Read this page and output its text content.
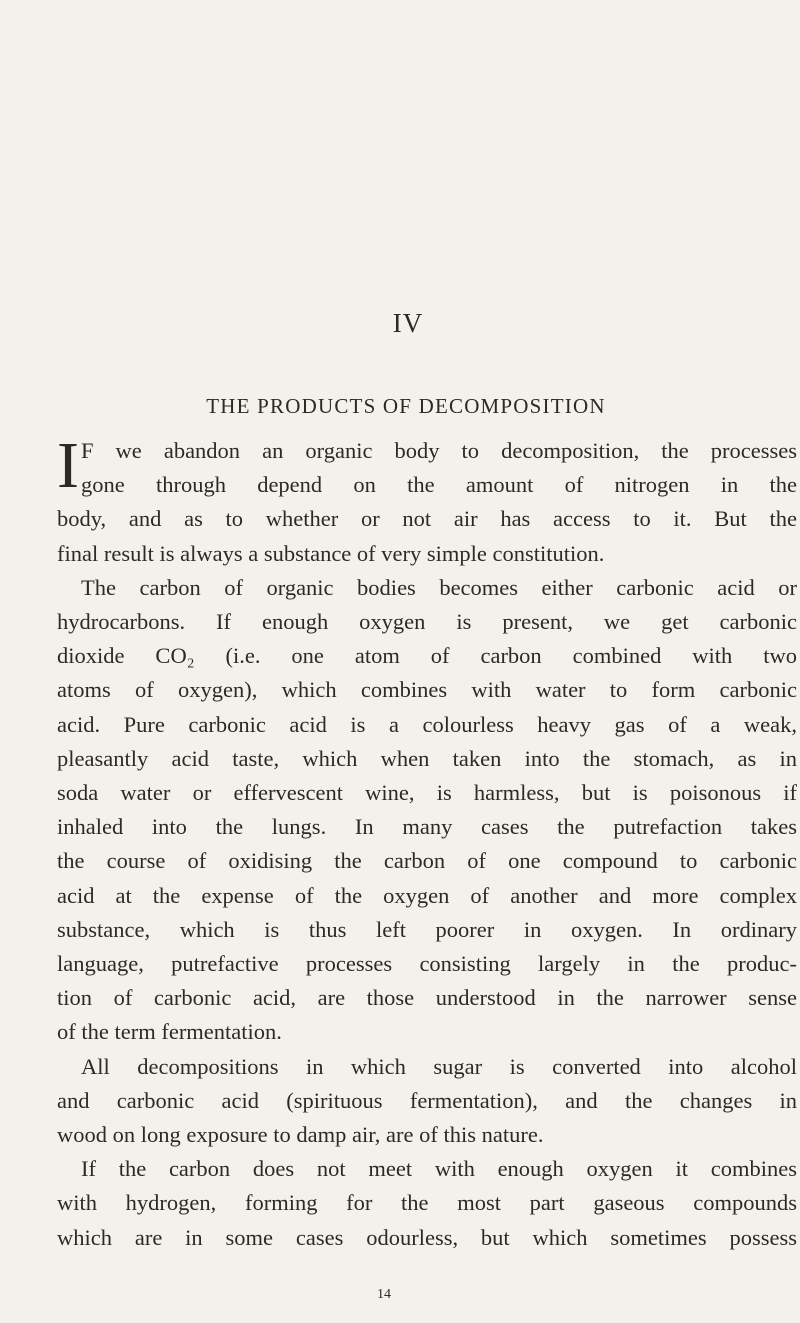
IV
THE PRODUCTS OF DECOMPOSITION
I F we abandon an organic body to decomposition, the processes
gone through depend on the amount of nitrogen in the
body, and as to whether or not air has access to it. But the
final result is always a substance of very simple constitution.
The carbon of organic bodies becomes either carbonic acid or
hydrocarbons. If enough oxygen is present, we get carbonic
dioxide CO₂ (i.e. one atom of carbon combined with two
atoms of oxygen), which combines with water to form carbonic
acid. Pure carbonic acid is a colourless heavy gas of a weak,
pleasantly acid taste, which when taken into the stomach, as in
soda water or effervescent wine, is harmless, but is poisonous if
inhaled into the lungs. In many cases the putrefaction takes
the course of oxidising the carbon of one compound to carbonic
acid at the expense of the oxygen of another and more complex
substance, which is thus left poorer in oxygen. In ordinary
language, putrefactive processes consisting largely in the produc-
tion of carbonic acid, are those understood in the narrower sense
of the term fermentation.
All decompositions in which sugar is converted into alcohol
and carbonic acid (spirituous fermentation), and the changes in
wood on long exposure to damp air, are of this nature.
If the carbon does not meet with enough oxygen it combines
with hydrogen, forming for the most part gaseous compounds
which are in some cases odourless, but which sometimes possess
14
